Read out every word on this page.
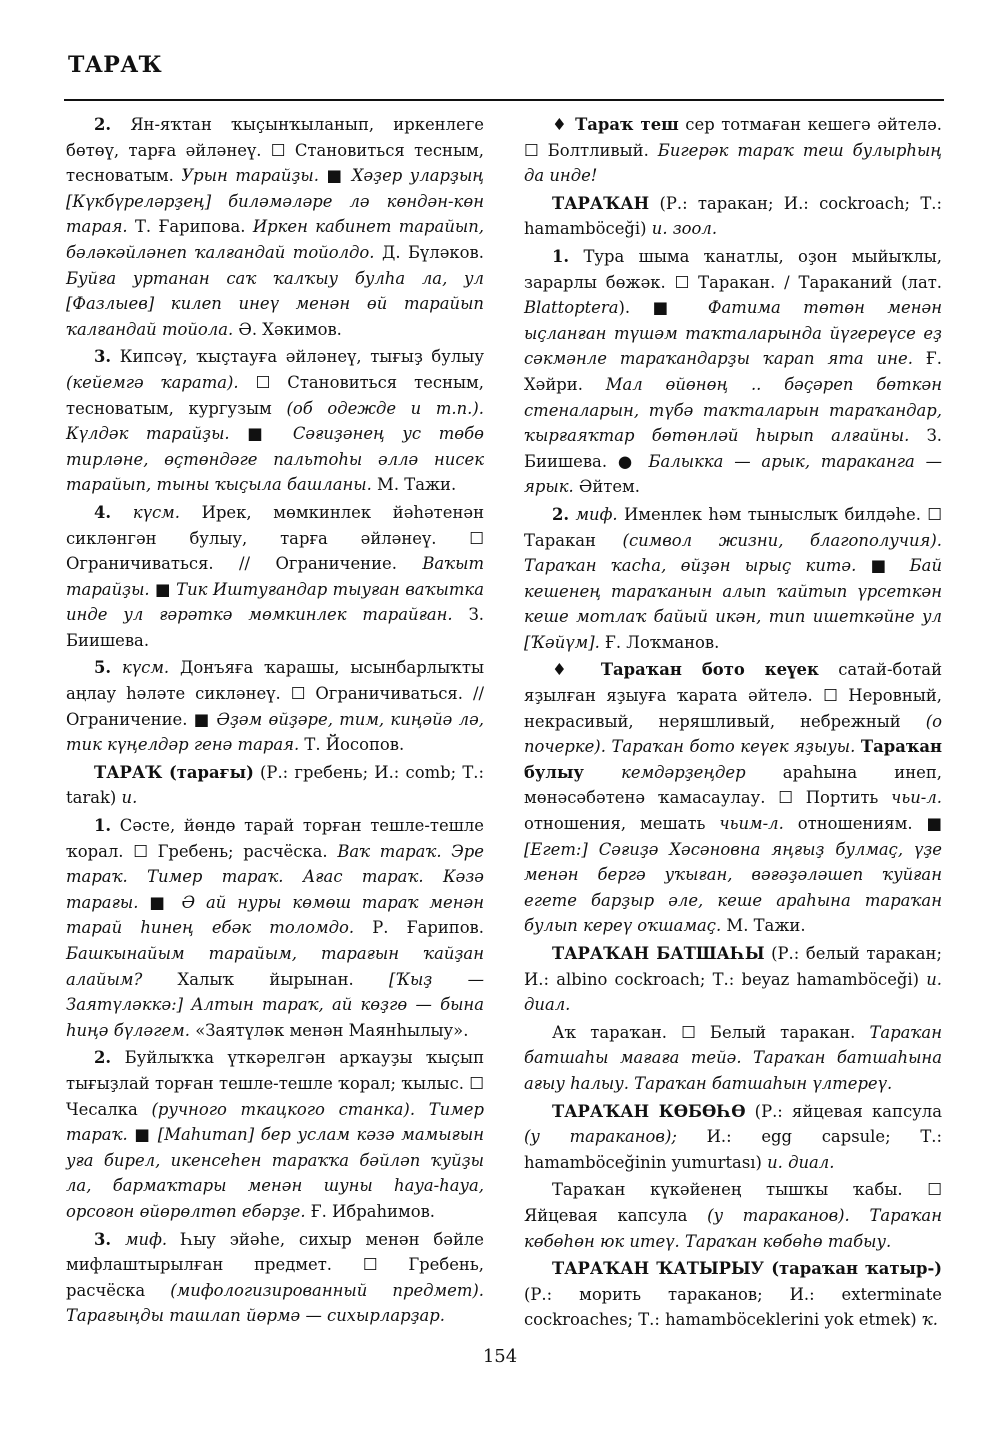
ТАРАҠ

2. Ян-яҡтан ҡыҫынҡыланып, иркенлеге бөтөү, тарға әйләнеү. ☐ Становиться тесным, тесноватым. Урын тарайҙы. ■ Хәҙер уларҙың [Күкбүреләрҙең] биләмәләре лә көндән-көн тарая. Т. Ғарипова. Иркен кабинет тарайып, бәләкәйләнеп ҡалғандай тойолдо. Д. Бүләков. Буйға уртанан саҡ ҡалҡыу булһа ла, ул [Фазлыев] килеп инеү менән өй тарайып ҡалғандай тойола. Ә. Хәкимов.

3. Кипсәү, ҡыҫтауға әйләнеү, тығыҙ булыу (кейемгә ҡарата). ☐ Становиться тесным, тесноватым, кургузым (об одежде и т.п.). Күлдәк тарайҙы. ■ Сәғиҙәнең ус төбө тирләне, өҫтөндәге пальтоһы әллә нисек тарайып, тыны ҡыҫыла башланы. М. Тажи.

4. күсм. Ирек, мөмкинлек йәһәтенән сикләнгән булыу, тарға әйләнеү. ☐ Ограничиваться. // Ограничение. Ваҡыт тарайҙы. ■ Тик Иштуғандар тыуған ваҡытка инде ул ғәрәткә мөмкинлек тарайған. З. Биишева.

5. күсм. Донъяға ҡарашы, ысынбарлыҡты аңлау һәләте сикләнеү. ☐ Ограничиваться. // Ограничение. ■ Әҙәм өйҙәре, тим, киңәйә лә, тик күңелдәр генә тарая. Т. Йосопов.

ТАРАҠ (тарағы) (Р.: гребень; И.: comb; Т.: tarak) и.

1. Сәсте, йөндө тарай торған тешле-тешле ҡорал. ☐ Гребень; расчёска. Ваҡ тараҡ. Эре тараҡ. Тимер тараҡ. Ағас тараҡ. Кәзә тарағы. ■ Ә ай нуры көмөш тараҡ менән тарай һинең ебәк толомдо. Р. Ғарипов. Башкынайым тарайым, тарағын ҡайҙан алайым? Халыҡ йырынан. [Ҡыҙ — Заятүләккә:] Алтын тараҡ, ай көҙгө — бына һиңә бүләгем. «Заятүләк менән Маянһылыу».

2. Буйлыҡҡа үткәрелгән арҡауҙы ҡыҫып тығыҙлай торған тешле-тешле ҡорал; ҡылыс. ☐ Чесалка (ручного ткацкого станка). Тимер тараҡ. ■ [Маһитап] бер услам кәзә мамығын уға бирел, икенсеһен тараҡҡа бәйләп ҡуйҙы ла, бармаҡтары менән шуны һауа-һауа, орсоғон өйөрөлтөп ебәрҙе. Ғ. Ибраһимов.

3. миф. Һыу эйәһе, сихыр менән бәйле мифлаштырылған предмет. ☐ Гребень, расчёска (мифологизированный предмет). Тарағыңды ташлап йөрмә — сихырларҙар.

♦ Тараҡ теш сер тотмаған кешегә әйтелә. ☐ Болтливый. Бигерәк тараҡ теш булырһың да инде!

ТАРАҠАН (Р.: таракан; И.: cockroach; Т.: hamamböceği) и. зоол.

1. Тура шыма ҡанатлы, оҙон мыйыҡлы, зарарлы бөжәк. ☐ Таракан. / Тараканий (лат. Blattoptera). ■ Фатима төтөн менән ыҫланған түшәм таҡталарында йүгереүсе еҙ сәкмәнле тараҡандарҙы ҡарап ята ине. Ғ. Хәйри. Мал өйөнөң .. бәҫәреп бөткән стеналарын, түбә таҡталарын тараҡандар, ҡырғаяҡтар бөтөнләй һырып алғайны. З. Биишева. ● Балыкка — арык, тараканга — ярык. Әйтем.

2. миф. Именлек һәм тыныслыҡ билдәһе. ☐ Таракан (символ жизни, благополучия). Тараҡан ҡасһа, өйҙән ырыҫ китә. ■ Бай кешенең тараҡанын алып ҡайтып үрсеткән кеше мотлаҡ байый икән, тип ишеткәйне ул [Ҡәйүм]. Ғ. Лоҡманов.

♦ Тараҡан бото кеүек сатай-ботай яҙылған яҙыуға ҡарата әйтелә. ☐ Неровный, некрасивый, неряшливый, небрежный (о почерке). Тараҡан бото кеүек яҙыуы. Тараҡан булыу кемдәрҙеңдер араһына инеп, мөнәсәбәтенә ҡамасаулау. ☐ Портить чьи-л. отношения, мешать чьим-л. отношениям. ■ [Егет:] Сәғиҙә Хәсәновна яңғыҙ булмаҫ, үҙе менән бергә уҡыған, вәғәҙәләшеп ҡуйған егете барҙыр әле, кеше араһына тараҡан булып кереү оҡшамаҫ. М. Тажи.

ТАРАҠАН БАТШАҺЫ (Р.: белый таракан; И.: albino cockroach; Т.: beyaz hamamböceği) и. диал.

Аҡ тараҡан. ☐ Белый таракан. Тараҡан батшаһы мағаға тейә. Тараҡан батшаһына ағыу һалыу. Тараҡан батшаһын үлтереү.

ТАРАҠАН КӨБӨҺӨ (Р.: яйцевая капсула (у тараканов); И.: egg capsule; Т.: hamamböceğinin yumurtası) и. диал.

Тараҡан күкәйенең тышҡы ҡабы. ☐ Яйцевая капсула (у тараканов). Тараҡан көбөһөн юк итеү. Тараҡан көбөһө табыу.

ТАРАҠАН ҠАТЫРЫУ (тараҡан ҡатыр-) (Р.: морить тараканов; И.: exterminate cockroaches; Т.: hamamböceklerini yok etmek) ҡ.

154
